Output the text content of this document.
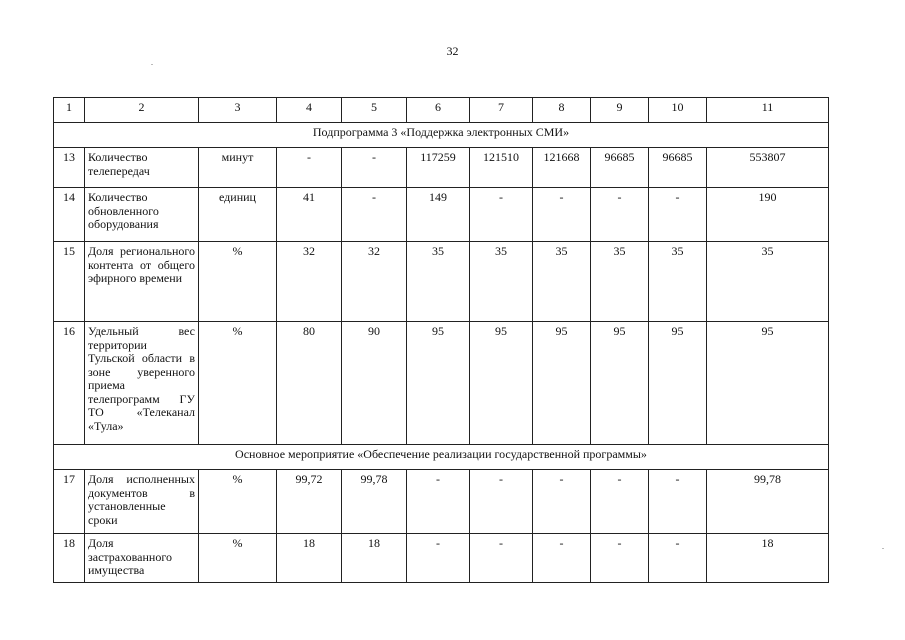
32
1	2	3	4	5	6	7	8	9	10	11
Подпрограмма 3 «Поддержка электронных СМИ»										
13	Количество телепередач	минут	-	-	117259	121510	121668	96685	96685	553807
14	Количество обновленного оборудования	единиц	41	-	149	-	-	-	-	190
15	Доля регионального контента от общего эфирного времени	%	32	32	35	35	35	35	35	35
16	Удельный вес территории Тульской области в зоне уверенного приема телепрограмм ГУ ТО «Телеканал «Тула»	%	80	90	95	95	95	95	95	95
Основное мероприятие «Обеспечение реализации государственной программы»										
17	Доля исполненных документов в установленные сроки	%	99,72	99,78	-	-	-	-	-	99,78
18	Доля застрахованного имущества	%	18	18	-	-	-	-	-	18
